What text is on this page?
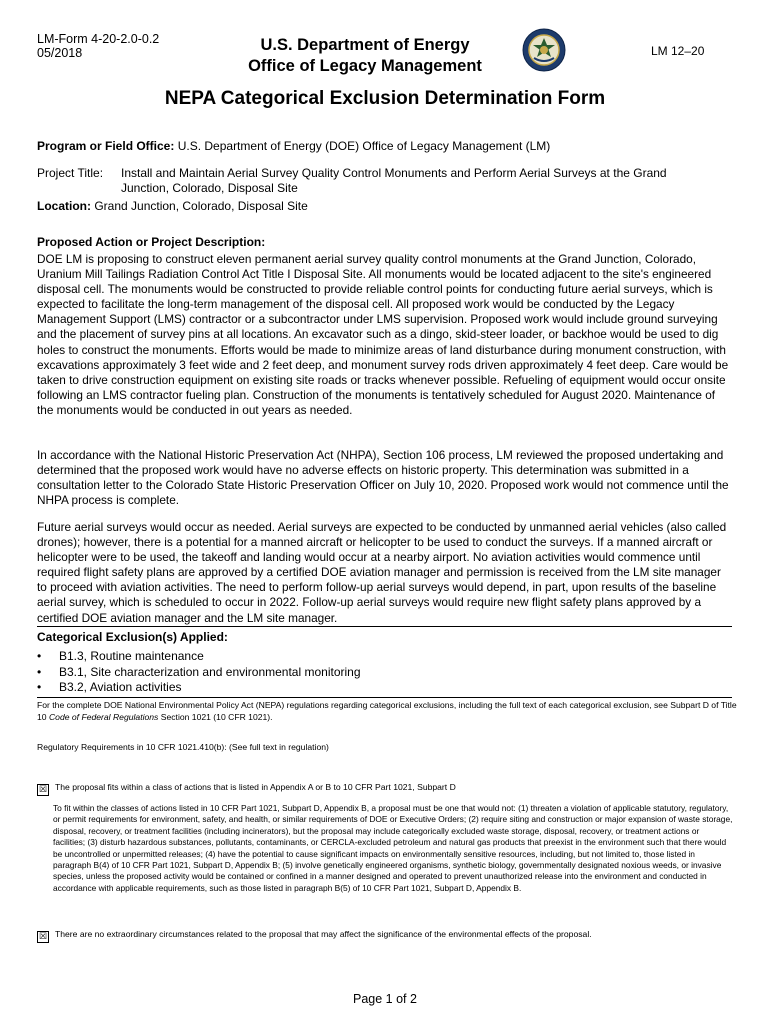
LM-Form 4-20-2.0-0.2
05/2018	U.S. Department of Energy
Office of Legacy Management
LM 12–20
NEPA Categorical Exclusion Determination Form
Program or Field Office: U.S. Department of Energy (DOE) Office of Legacy Management (LM)
Project Title: Install and Maintain Aerial Survey Quality Control Monuments and Perform Aerial Surveys at the Grand
Junction, Colorado, Disposal Site
Location: Grand Junction, Colorado, Disposal Site
Proposed Action or Project Description:
DOE LM is proposing to construct eleven permanent aerial survey quality control monuments at the Grand Junction, Colorado, Uranium Mill Tailings Radiation Control Act Title I Disposal Site. All monuments would be located adjacent to the site's engineered disposal cell. The monuments would be constructed to provide reliable control points for conducting future aerial surveys, which is expected to facilitate the long-term management of the disposal cell. All proposed work would be conducted by the Legacy Management Support (LMS) contractor or a subcontractor under LMS supervision. Proposed work would include ground surveying and the placement of survey pins at all locations. An excavator such as a dingo, skid-steer loader, or backhoe would be used to dig holes to construct the monuments. Efforts would be made to minimize areas of land disturbance during monument construction, with excavations approximately 3 feet wide and 2 feet deep, and monument survey rods driven approximately 4 feet deep. Care would be taken to drive construction equipment on existing site roads or tracks whenever possible. Refueling of equipment would occur onsite following an LMS contractor fueling plan. Construction of the monuments is tentatively scheduled for August 2020. Maintenance of the monuments would be conducted in out years as needed.
In accordance with the National Historic Preservation Act (NHPA), Section 106 process, LM reviewed the proposed undertaking and determined that the proposed work would have no adverse effects on historic property. This determination was submitted in a consultation letter to the Colorado State Historic Preservation Officer on July 10, 2020. Proposed work would not commence until the NHPA process is complete.
Future aerial surveys would occur as needed. Aerial surveys are expected to be conducted by unmanned aerial vehicles (also called drones); however, there is a potential for a manned aircraft or helicopter to be used to conduct the surveys. If a manned aircraft or helicopter were to be used, the takeoff and landing would occur at a nearby airport. No aviation activities would commence until required flight safety plans are approved by a certified DOE aviation manager and permission is received from the LM site manager to proceed with aviation activities. The need to perform follow-up aerial surveys would depend, in part, upon results of the baseline aerial survey, which is scheduled to occur in 2022. Follow-up aerial surveys would require new flight safety plans approved by a certified DOE aviation manager and the LM site manager.
Categorical Exclusion(s) Applied:
• B1.3, Routine maintenance
• B3.1, Site characterization and environmental monitoring
• B3.2, Aviation activities
For the complete DOE National Environmental Policy Act (NEPA) regulations regarding categorical exclusions, including the full text of each categorical exclusion, see Subpart D of Title 10 Code of Federal Regulations Section 1021 (10 CFR 1021).
Regulatory Requirements in 10 CFR 1021.410(b): (See full text in regulation)
☒ The proposal fits within a class of actions that is listed in Appendix A or B to 10 CFR Part 1021, Subpart D
To fit within the classes of actions listed in 10 CFR Part 1021, Subpart D, Appendix B, a proposal must be one that would not: (1) threaten a violation of applicable statutory, regulatory, or permit requirements for environment, safety, and health, or similar requirements of DOE or Executive Orders; (2) require siting and construction or major expansion of waste storage, disposal, recovery, or treatment facilities (including incinerators), but the proposal may include categorically excluded waste storage, disposal, recovery, or treatment actions or facilities; (3) disturb hazardous substances, pollutants, contaminants, or CERCLA-excluded petroleum and natural gas products that preexist in the environment such that there would be uncontrolled or unpermitted releases; (4) have the potential to cause significant impacts on environmentally sensitive resources, including, but not limited to, those listed in paragraph B(4) of 10 CFR Part 1021, Subpart D, Appendix B; (5) involve genetically engineered organisms, synthetic biology, governmentally designated noxious weeds, or invasive species, unless the proposed activity would be contained or confined in a manner designed and operated to prevent unauthorized release into the environment and conducted in accordance with applicable requirements, such as those listed in paragraph B(5) of 10 CFR Part 1021, Subpart D, Appendix B.
☒ There are no extraordinary circumstances related to the proposal that may affect the significance of the environmental effects of the proposal.
Page 1 of 2
